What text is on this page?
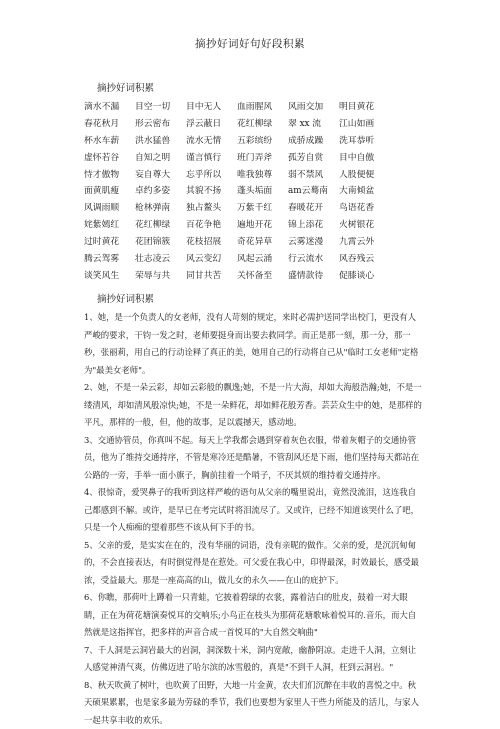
摘抄好词好句好段积累
摘抄好词积累
滴水不漏	目空一切	目中无人	血雨腥风	风雨交加	明目黄花
春花秋月	形云密布	浮云蔽日	花红柳绿	翠 xx 流	江山如画
杯水车薪	洪水猛兽	流水无情	五彩缤纷	成骄成躁	洗耳恭听
虚怀若谷	自知之明	谨言慎行	班门弄斧	孤芳自赏	目中自傲
恃才傲物	妄自尊大	忘乎所以	唯我独尊	弱不禁风	人股便便
面黄肌瘦	卓约多姿	其貌不扬	蓬头垢面	am云蓦南	大南倾盆
风调雨顺	枪林弹南	独占鳌头	万紫千红	春暖花开	鸟语花香
姹紫嫣红	花红柳绿	百花争艳	遍地开花	锦上添花	火树银花
过时黄花	花团锦簇	花枝招展	奇花异草	云雾迷漫	九霄云外
腾云驾雾	壮志凌云	风云变幻	风起云涌	行云流水	风吞残云
谈笑风生	荣辱与共	同甘共苦	关怀备至	盛情款待	促膝谈心
摘抄好词积累

1、她，是一个负责人的女老师，没有人苛刻的规定，来时必需护送同学出校门，更没有人严峻的要求，干钧一发之时，老师要挺身而出要去救同学。而正是那一刻，那一分，那一秒，张丽莉，用自己的行动诠释了真正的美，她用自己的行动将自己从"临时工女老师"定格为"最美女老师"。

2、她，不是一朵云彩，却如云彩般的飘逸;她，不是一片大海，却如大海般浩瀚;她，不是一缕清风，却如清风般凉快;她，不是一朵鲜花，却如鲜花般芳香。芸芸众生中的她，是那样的平凡，那样的一般，但，他的故事，足以震撼天，感动地。

3、交通协管员，你真叫不起。每天上学我都会遇到穿着灰色衣服，带着灰帽子的交通协管员，他为了维持交通持序，不管是寒冷还是酷暑，不管刮风还是下雨，他们坚持每天都站在公路的一旁，手举一面小旗子，胸前挂着一个哨子，不厌其烦的维持着交通持序。

4、很惊奇，爱哭鼻子的我听到这样严峻的语句从父亲的嘴里说出，竟然没流泪，这连我自己都感到不解。或许，是早已在考完试时将泪流尽了。又或许，已经不知道该哭什么了吧，只是一个人痴痴的望着那些不该从何下手的书。

5、父亲的爱，是实实在在的，没有华丽的词语，没有亲昵的做作。父亲的爱，是沉沉甸甸的，不会直接表达，有时倒觉得是在惹处。可父爱在我心中，印得最深，时效最长，感受最浓，受益最大。那是一座高高的山，做儿女的永久——在山的庇护下。

6、你瞧，那荷叶上蹲着一只青蛙，它披着碧绿的衣裳，露着洁白的肚皮，鼓着一对大眼睛，正在为荷花塘演奏悦耳的交响乐;小鸟正在枝头为那荷花塘歌咏着悦耳的.音乐，而大自然就是这指挥官，把多样的声音合成一首悦耳的"大自然交响曲"

7、千人洞是云洞岩最大的岩洞，洞深数十米，洞内宽敞，幽静阴凉。走进千人洞，立刻让人感觉神清气爽，仿佛迈进了哈尔滨的冰雪般的，真是"不到千人洞，枉到云洞岩。"

8、秋天吹黄了树叶，也吹黄了田野，大地一片金黄，农夫们们沉醉在丰收的喜悦之中。秋天硕果累累，也是家多最为劳碌的季节，我们也要想为家里人干些力所能及的活儿，与家人一起共享丰收的欢乐。
